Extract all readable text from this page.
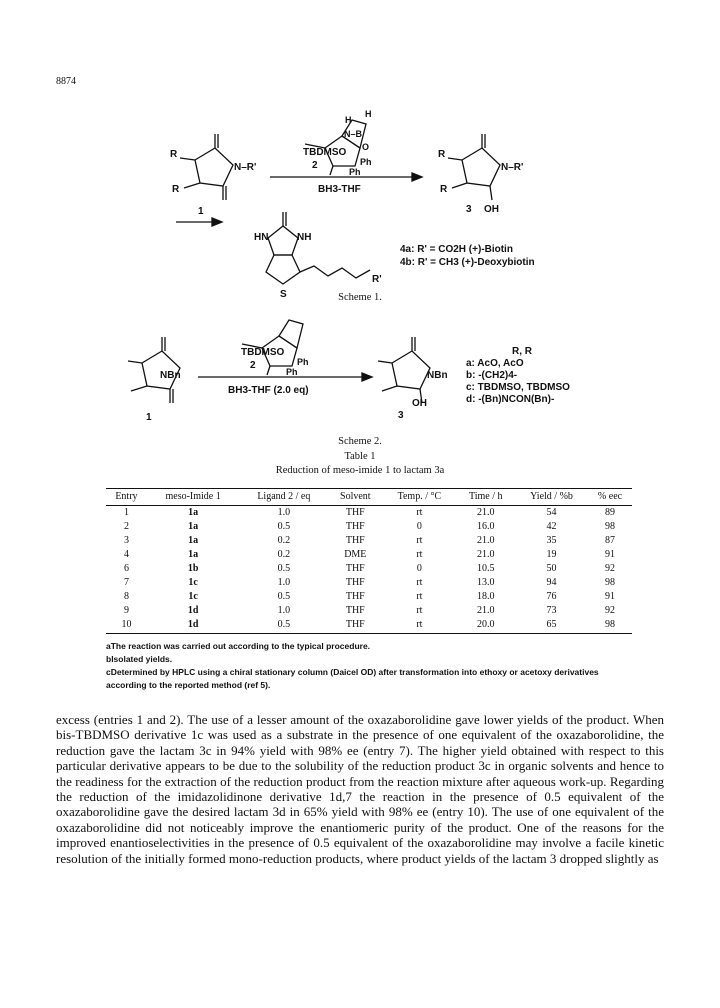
8874
TBDMSO
2
Ph
Ph
H
H
N–B
O
BH3-THF
R
R
N–R'
1
R
R
N–R'
3 OH
HN	NH
S
R'
4a: R' = CO2H (+)-Biotin
4b: R' = CH3 (+)-Deoxybiotin
Scheme 1.
TBDMSO
2
Ph
Ph
BH3-THF (2.0 eq)
NBn	NBn
1	3
OH
R, R
a: AcO, AcO
b: -(CH2)4-
c: TBDMSO, TBDMSO
d: -(Bn)NCON(Bn)-
Scheme 2.
Table 1
Reduction of meso-imide 1 to lactam 3a
Entry	meso-Imide 1	Ligand 2 / eq	Solvent	Temp. / °C	Time / h	Yield / %b	% eec
1	1a	1.0	THF	rt	21.0	54	89
2	1a	0.5	THF	0	16.0	42	98
3	1a	0.2	THF	rt	21.0	35	87
4	1a	0.2	DME	rt	21.0	19	91
6	1b	0.5	THF	0	10.5	50	92
7	1c	1.0	THF	rt	13.0	94	98
8	1c	0.5	THF	rt	18.0	76	91
9	1d	1.0	THF	rt	21.0	73	92
10	1d	0.5	THF	rt	20.0	65	98

aThe reaction was carried out according to the typical procedure.

bIsolated yields.

cDetermined by HPLC using a chiral stationary column (Daicel OD) after transformation into ethoxy or acetoxy derivatives according to the reported method (ref 5).

excess (entries 1 and 2). The use of a lesser amount of the oxazaborolidine gave lower yields of the product. When bis-TBDMSO derivative 1c was used as a substrate in the presence of one equivalent of the oxazaborolidine, the reduction gave the lactam 3c in 94% yield with 98% ee (entry 7). The higher yield obtained with respect to this particular derivative appears to be due to the solubility of the reduction product 3c in organic solvents and hence to the readiness for the extraction of the reduction product from the reaction mixture after aqueous work-up. Regarding the reduction of the imidazolidinone derivative 1d,7 the reaction in the presence of 0.5 equivalent of the oxazaborolidine gave the desired lactam 3d in 65% yield with 98% ee (entry 10). The use of one equivalent of the oxazaborolidine did not noticeably improve the enantiomeric purity of the product. One of the reasons for the improved enantioselectivities in the presence of 0.5 equivalent of the oxazaborolidine may involve a facile kinetic resolution of the initially formed mono-reduction products, where product yields of the lactam 3 dropped slightly as
